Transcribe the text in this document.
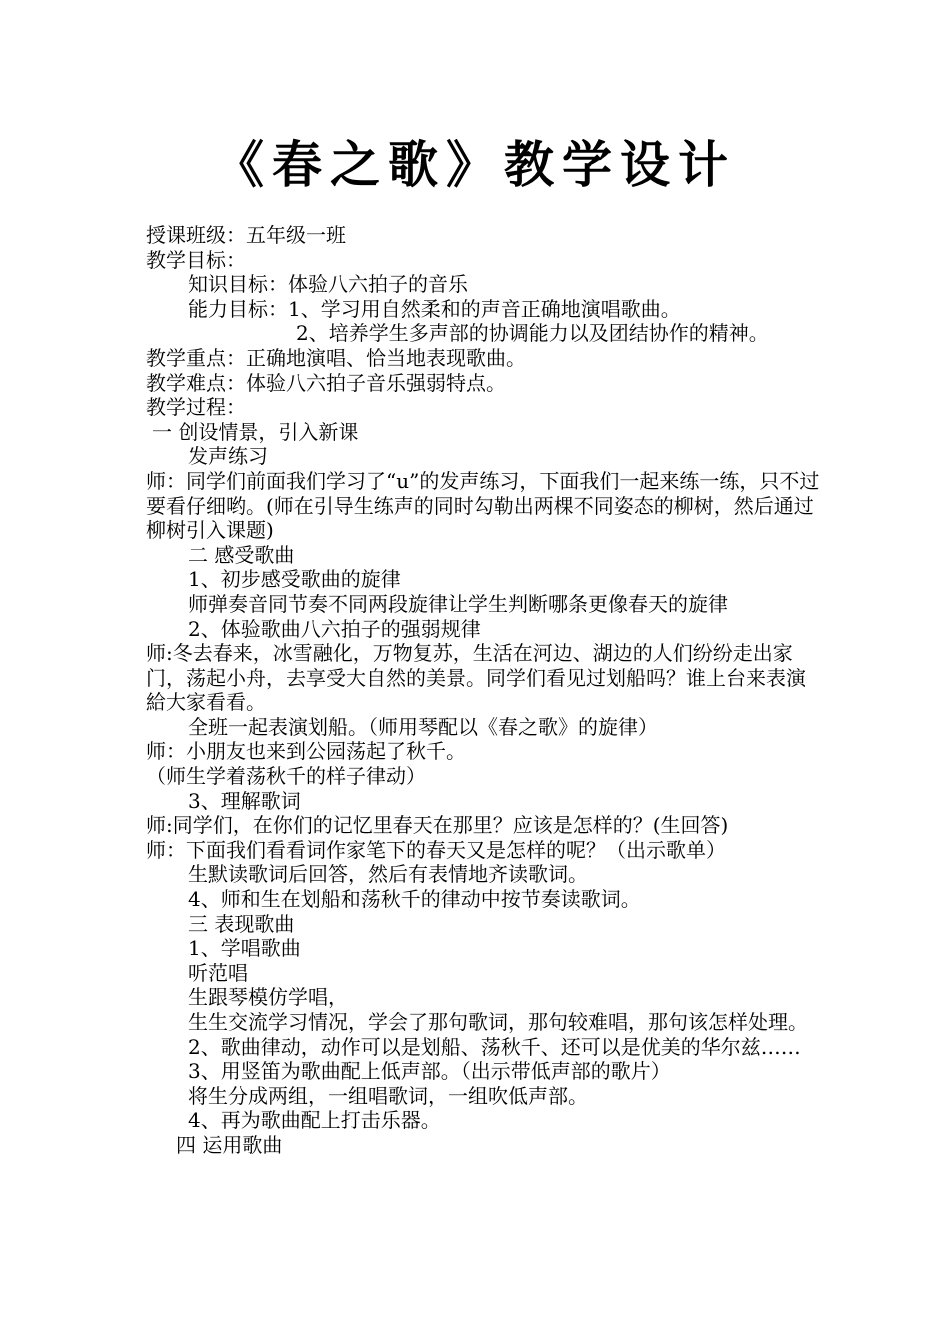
《春之歌》教学设计

授课班级：五年级一班

教学目标：

知识目标：体验八六拍子的音乐

能力目标：1、学习用自然柔和的声音正确地演唱歌曲。

2、培养学生多声部的协调能力以及团结协作的精神。

教学重点：正确地演唱、恰当地表现歌曲。

教学难点：体验八六拍子音乐强弱特点。

教学过程：

一 创设情景，引入新课

发声练习

师：同学们前面我们学习了“u”的发声练习，下面我们一起来练一练，只不过要看仔细哟。(师在引导生练声的同时勾勒出两棵不同姿态的柳树，然后通过柳树引入课题)

二 感受歌曲

1、初步感受歌曲的旋律

师弹奏音同节奏不同两段旋律让学生判断哪条更像春天的旋律

2、体验歌曲八六拍子的强弱规律

师:冬去春来，冰雪融化，万物复苏，生活在河边、湖边的人们纷纷走出家门，荡起小舟，去享受大自然的美景。同学们看见过划船吗？谁上台来表演給大家看看。

全班一起表演划船。（师用琴配以《春之歌》的旋律）

师：小朋友也来到公园荡起了秋千。

（师生学着荡秋千的样子律动）

3、理解歌词

师:同学们，在你们的记忆里春天在那里？应该是怎样的？(生回答)

师：下面我们看看词作家笔下的春天又是怎样的呢？（出示歌单）

生默读歌词后回答，然后有表情地齐读歌词。

4、师和生在划船和荡秋千的律动中按节奏读歌词。

三 表现歌曲

1、学唱歌曲

听范唱

生跟琴模仿学唱，

生生交流学习情况，学会了那句歌词，那句较难唱，那句该怎样处理。

2、歌曲律动，动作可以是划船、荡秋千、还可以是优美的华尔兹……

3、用竖笛为歌曲配上低声部。（出示带低声部的歌片）

将生分成两组，一组唱歌词，一组吹低声部。

4、再为歌曲配上打击乐器。

四 运用歌曲
